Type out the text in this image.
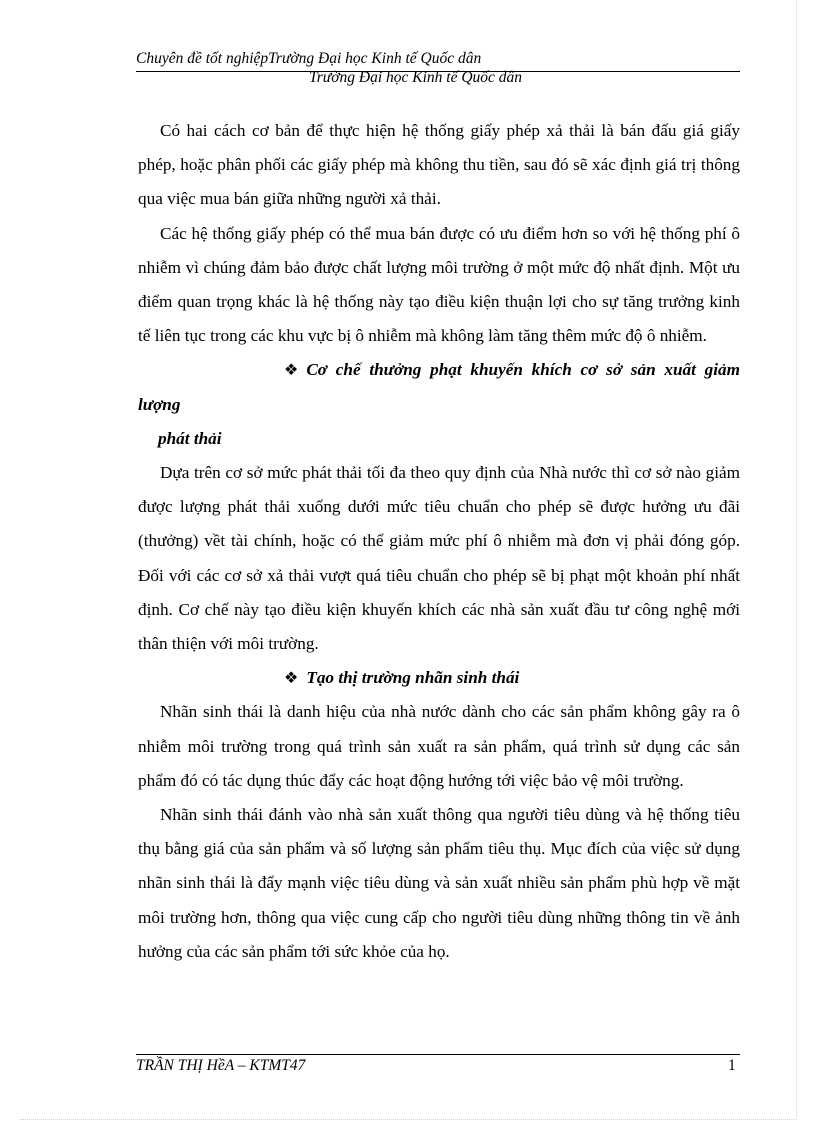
Chuyên đề tốt nghiệpTrường Đại học Kinh tế Quốc dân
Trường Đại học Kinh tế Quốc dân

Có hai cách cơ bản để thực hiện hệ thống giấy phép xả thải là bán đấu giá giấy phép, hoặc phân phối các giấy phép mà không thu tiền, sau đó sẽ xác định giá trị thông qua việc mua bán giữa những người xả thải.

Các hệ thống giấy phép có thể mua bán được có ưu điểm hơn so với hệ thống phí ô nhiễm vì chúng đảm bảo được chất lượng môi trường ở một mức độ nhất định. Một ưu điểm quan trọng khác là hệ thống này tạo điều kiện thuận lợi cho sự tăng trưởng kinh tế liên tục trong các khu vực bị ô nhiễm mà không làm tăng thêm mức độ ô nhiễm.

❖ Cơ chế thưởng phạt khuyến khích cơ sở sản xuất giảm lượng
phát thải

Dựa trên cơ sở mức phát thải tối đa theo quy định của Nhà nước thì cơ sở nào giảm được lượng phát thải xuống dưới mức tiêu chuẩn cho phép sẽ được hưởng ưu đãi (thưởng) vềt tài chính, hoặc có thể giảm mức phí ô nhiễm mà đơn vị phải đóng góp. Đối với các cơ sở xả thải vượt quá tiêu chuẩn cho phép sẽ bị phạt một khoản phí nhất định. Cơ chế này tạo điều kiện khuyến khích các nhà sản xuất đầu tư công nghệ mới thân thiện với môi trường.

❖ Tạo thị trường nhãn sinh thái

Nhãn sinh thái là danh hiệu của nhà nước dành cho các sản phẩm không gây ra ô nhiễm môi trường trong quá trình sản xuất ra sản phẩm, quá trình sử dụng các sản phẩm đó có tác dụng thúc đẩy các hoạt động hướng tới việc bảo vệ môi trường.

Nhãn sinh thái đánh vào nhà sản xuất thông qua người tiêu dùng và hệ thống tiêu thụ bằng giá của sản phẩm và số lượng sản phẩm tiêu thụ. Mục đích của việc sử dụng nhãn sinh thái là đẩy mạnh việc tiêu dùng và sản xuất nhiều sản phẩm phù hợp về mặt môi trường hơn, thông qua việc cung cấp cho người tiêu dùng những thông tin về ảnh hưởng của các sản phẩm tới sức khỏe của họ.

TRẦN THỊ HềA – KTMT47	1
